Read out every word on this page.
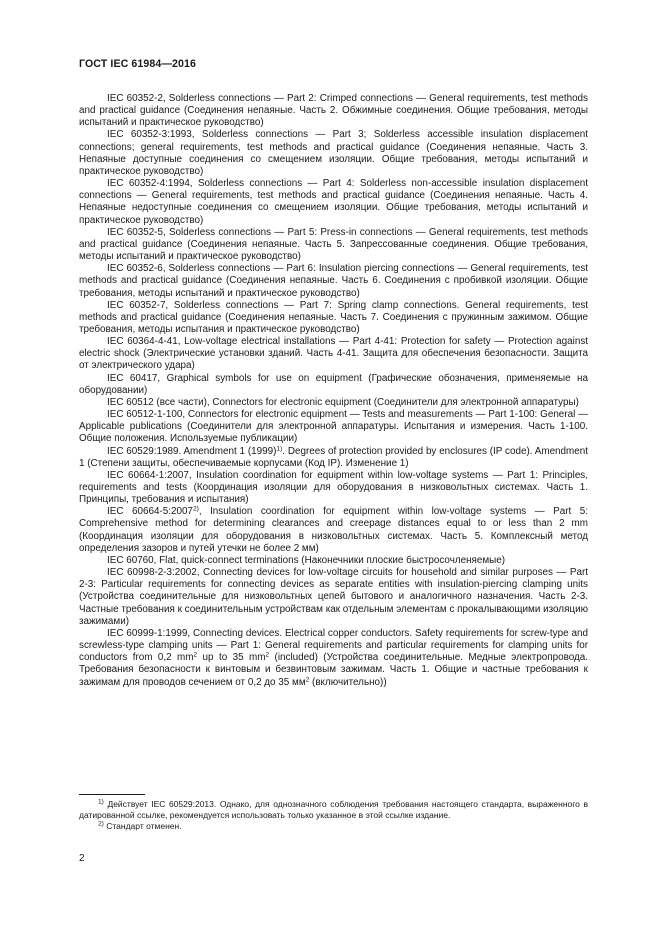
ГОСТ IEC 61984—2016

IEC 60352-2, Solderless connections — Part 2: Crimped connections — General requirements, test methods and practical guidance (Соединения непаяные. Часть 2. Обжимные соединения. Общие требования, методы испытаний и практическое руководство)

IEC 60352-3:1993, Solderless connections — Part 3; Solderless accessible insulation displacement connections; general requirements, test methods and practical guidance (Соединения непаяные. Часть 3. Непаяные доступные соединения со смещением изоляции. Общие требования, методы испытаний и практическое руководство)

IEC 60352-4:1994, Solderless connections — Part 4: Solderless non-accessible insulation displacement connections — General requirements, test methods and practical guidance (Соединения непаяные. Часть 4. Непаяные недоступные соединения со смещением изоляции. Общие требования, методы испытаний и практическое руководство)

IEC 60352-5, Solderless connections — Part 5: Press-in connections — General requirements, test methods and practical guidance (Соединения непаяные. Часть 5. Запрессованные соединения. Общие требования, методы испытаний и практическое руководство)

IEC 60352-6, Solderless connections — Part 6: Insulation piercing connections — General requirements, test methods and practical guidance (Соединения непаяные. Часть 6. Соединения с пробивкой изоляции. Общие требования, методы испытаний и практическое руководство)

IEC 60352-7, Solderless connections — Part 7: Spring clamp connections. General requirements, test methods and practical guidance (Соединения непаяные. Часть 7. Соединения с пружинным зажимом. Общие требования, методы испытания и практическое руководство)

IEC 60364-4-41, Low-voltage electrical installations — Part 4-41: Protection for safety — Protection against electric shock (Электрические установки зданий. Часть 4-41. Защита для обеспечения безопасности. Защита от электрического удара)

IEC 60417, Graphical symbols for use on equipment (Графические обозначения, применяемые на оборудовании)

IEC 60512 (все части), Connectors for electronic equipment (Соединители для электронной аппаратуры)

IEC 60512-1-100, Connectors for electronic equipment — Tests and measurements — Part 1-100: General — Applicable publications (Соединители для электронной аппаратуры. Испытания и измерения. Часть 1-100. Общие положения. Используемые публикации)

IEC 60529:1989. Amendment 1 $(1999)^{1)}$. Degrees of protection provided by enclosures (IP code). Amendment 1 (Степени защиты, обеспечиваемые корпусами (Код IP). Изменение 1)

IEC 60664-1:2007, Insulation coordination for equipment within low-voltage systems — Part 1: Principles, requirements and tests (Координация изоляции для оборудования в низковольтных системах. Часть 1. Принципы, требования и испытания)

IEC 60664-5:2007$^{2)}$, Insulation coordination for equipment within low-voltage systems — Part 5: Comprehensive method for determining clearances and creepage distances equal to or less than 2 mm (Координация изоляции для оборудования в низковольтных системах. Часть 5. Комплексный метод определения зазоров и путей утечки не более 2 мм)

IEC 60760, Flat, quick-connect terminations (Наконечники плоские быстросочленяемые)

IEC 60998-2-3:2002, Connecting devices for low-voltage circuits for household and similar purposes — Part 2-3: Particular requirements for connecting devices as separate entities with insulation-piercing clamping units (Устройства соединительные для низковольтных цепей бытового и аналогичного назначения. Часть 2-3. Частные требования к соединительным устройствам как отдельным элементам с прокалывающими изоляцию зажимами)

IEC 60999-1:1999, Connecting devices. Electrical copper conductors. Safety requirements for screw-type and screwless-type clamping units — Part 1: General requirements and particular requirements for clamping units for conductors from 0,2 $mm^2$ up to 35 $mm^2$ (included) (Устройства соединительные. Медные электропровода. Требования безопасности к винтовым и безвинтовым зажимам. Часть 1. Общие и частные требования к зажимам для проводов сечением от 0,2 до 35 $мм^2$ (включительно))

$^{1)}$ Действует IEC 60529:2013. Однако, для однозначного соблюдения требования настоящего стандарта, выраженного в датированной ссылке, рекомендуется использовать только указанное в этой ссылке издание.

$^{2)}$ Стандарт отменен.

2
